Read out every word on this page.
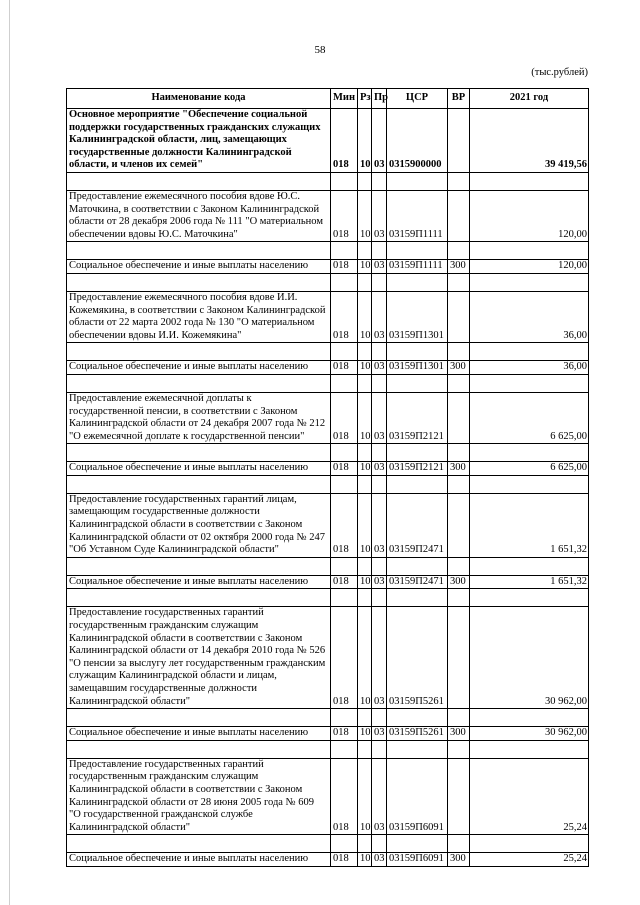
58
(тыс.рублей)
Наименование кода	Мин	Рз	Пр	ЦСР	ВР	2021 год
Основное мероприятие "Обеспечение социальной поддержки государственных гражданских служащих Калининградской области, лиц, замещающих государственные должности Калининградской области, и членов их семей"	018	10	03	0315900000		39 419,56

Предоставление ежемесячного пособия вдове Ю.С. Маточкина, в соответствии с Законом Калининградской области от 28 декабря 2006 года № 111 "О материальном обеспечении вдовы Ю.С. Маточкина"	018	10	03	03159П1111		120,00

Социальное обеспечение и иные выплаты населению	018	10	03	03159П1111	300	120,00

Предоставление ежемесячного пособия вдове И.И. Кожемякина, в соответствии с Законом Калининградской области от 22 марта 2002 года № 130 "О материальном обеспечении вдовы И.И. Кожемякина"	018	10	03	03159П1301		36,00

Социальное обеспечение и иные выплаты населению	018	10	03	03159П1301	300	36,00

Предоставление ежемесячной доплаты к государственной пенсии, в соответствии с Законом Калининградской области от 24 декабря 2007 года № 212 "О ежемесячной доплате к государственной пенсии"	018	10	03	03159П2121		6 625,00

Социальное обеспечение и иные выплаты населению	018	10	03	03159П2121	300	6 625,00

Предоставление государственных гарантий лицам, замещающим государственные должности Калининградской области в соответствии с Законом Калининградской области от 02 октября 2000 года № 247 "Об Уставном Суде Калининградской области"	018	10	03	03159П2471		1 651,32

Социальное обеспечение и иные выплаты населению	018	10	03	03159П2471	300	1 651,32

Предоставление государственных гарантий государственным гражданским служащим Калининградской области в соответствии с Законом Калининградской области от 14 декабря 2010 года № 526 "О пенсии за выслугу лет государственным гражданским служащим Калининградской области и лицам, замещавшим государственные должности Калининградской области"	018	10	03	03159П5261		30 962,00

Социальное обеспечение и иные выплаты населению	018	10	03	03159П5261	300	30 962,00

Предоставление государственных гарантий государственным гражданским служащим Калининградской области в соответствии с Законом Калининградской области от 28 июня 2005 года № 609 "О государственной гражданской службе Калининградской области"	018	10	03	03159П6091		25,24

Социальное обеспечение и иные выплаты населению	018	10	03	03159П6091	300	25,24
